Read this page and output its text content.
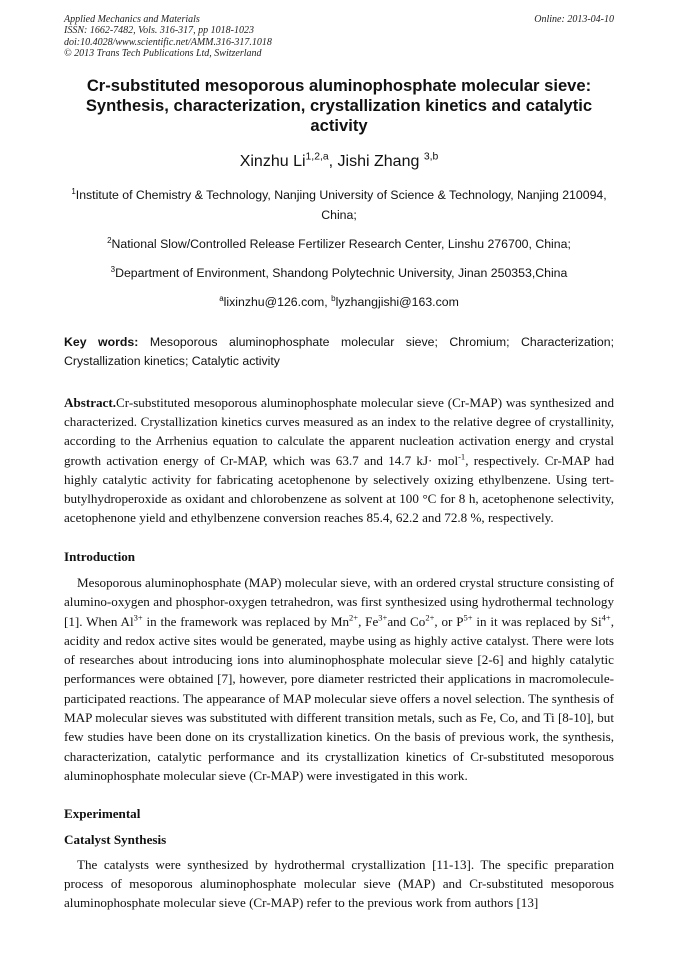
Applied Mechanics and Materials
ISSN: 1662-7482, Vols. 316-317, pp 1018-1023
doi:10.4028/www.scientific.net/AMM.316-317.1018
© 2013 Trans Tech Publications Ltd, Switzerland
Online: 2013-04-10
Cr-substituted mesoporous aluminophosphate molecular sieve:
Synthesis, characterization, crystallization kinetics and catalytic activity
Xinzhu Li$^{1,2,a}$, Jishi Zhang $^{3,b}$
$^1$Institute of Chemistry & Technology, Nanjing University of Science & Technology, Nanjing 210094, China;
$^2$National Slow/Controlled Release Fertilizer Research Center, Linshu 276700, China;
$^3$Department of Environment, Shandong Polytechnic University, Jinan 250353,China
$^a$lixinzhu@126.com, $^b$lyzhangjishi@163.com
Key words: Mesoporous aluminophosphate molecular sieve; Chromium; Characterization; Crystallization kinetics; Catalytic activity
Abstract.Cr-substituted mesoporous aluminophosphate molecular sieve (Cr-MAP) was synthesized and characterized. Crystallization kinetics curves measured as an index to the relative degree of crystallinity, according to the Arrhenius equation to calculate the apparent nucleation activation energy and crystal growth activation energy of Cr-MAP, which was 63.7 and 14.7 kJ· mol$^{-1}$, respectively. Cr-MAP had highly catalytic activity for fabricating acetophenone by selectively oxizing ethylbenzene. Using tert-butylhydroperoxide as oxidant and chlorobenzene as solvent at 100 °C for 8 h, acetophenone selectivity, acetophenone yield and ethylbenzene conversion reaches 85.4, 62.2 and 72.8 %, respectively.
Introduction
Mesoporous aluminophosphate (MAP) molecular sieve, with an ordered crystal structure consisting of alumino-oxygen and phosphor-oxygen tetrahedron, was first synthesized using hydrothermal technology [1]. When $Al^{3+}$ in the framework was replaced by $Mn^{2+}$, $Fe^{3+}and$ $Co^{2+}$, or $P^{5+}$ in it was replaced by $Si^{4+}$, acidity and redox active sites would be generated, maybe using as highly active catalyst. There were lots of researches about introducing ions into aluminophosphate molecular sieve [2-6] and highly catalytic performances were obtained [7], however, pore diameter restricted their applications in macromolecule-participated reactions. The appearance of MAP molecular sieve offers a novel selection. The synthesis of MAP molecular sieves was substituted with different transition metals, such as Fe, Co, and Ti [8-10], but few studies have been done on its crystallization kinetics. On the basis of previous work, the synthesis, characterization, catalytic performance and its crystallization kinetics of Cr-substituted mesoporous aluminophosphate molecular sieve (Cr-MAP) were investigated in this work.
Experimental
Catalyst Synthesis
The catalysts were synthesized by hydrothermal crystallization [11-13]. The specific preparation process of mesoporous aluminophosphate molecular sieve (MAP) and Cr-substituted mesoporous aluminophosphate molecular sieve (Cr-MAP) refer to the previous work from authors [13]
